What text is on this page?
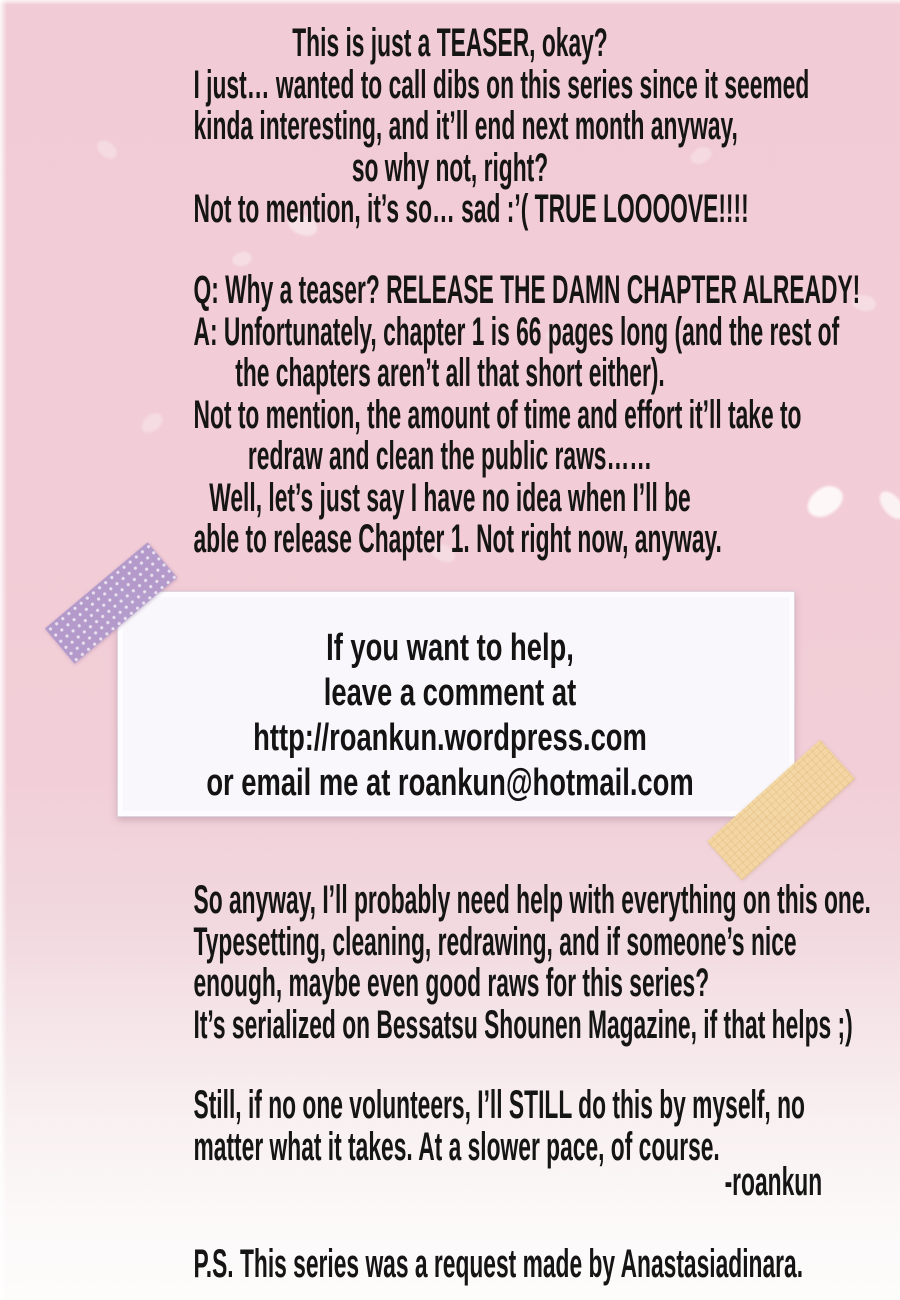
This is just a TEASER, okay?
I just… wanted to call dibs on this series since it seemed
kinda interesting, and it’ll end next month anyway,
so why not, right?
Not to mention, it’s so… sad :’( TRUE LOOOOVE!!!!
Q: Why a teaser? RELEASE THE DAMN CHAPTER ALREADY!
A: Unfortunately, chapter 1 is 66 pages long (and the rest of
the chapters aren’t all that short either).
Not to mention, the amount of time and effort it’ll take to
redraw and clean the public raws……
Well, let’s just say I have no idea when I’ll be
able to release Chapter 1. Not right now, anyway.
If you want to help,
leave a comment at
http://roankun.wordpress.com
or email me at roankun@hotmail.com
So anyway, I’ll probably need help with everything on this one.
Typesetting, cleaning, redrawing, and if someone’s nice
enough, maybe even good raws for this series?
It’s serialized on Bessatsu Shounen Magazine, if that helps ;)
Still, if no one volunteers, I’ll STILL do this by myself, no
matter what it takes. At a slower pace, of course.
-roankun
P.S. This series was a request made by Anastasiadinara.
